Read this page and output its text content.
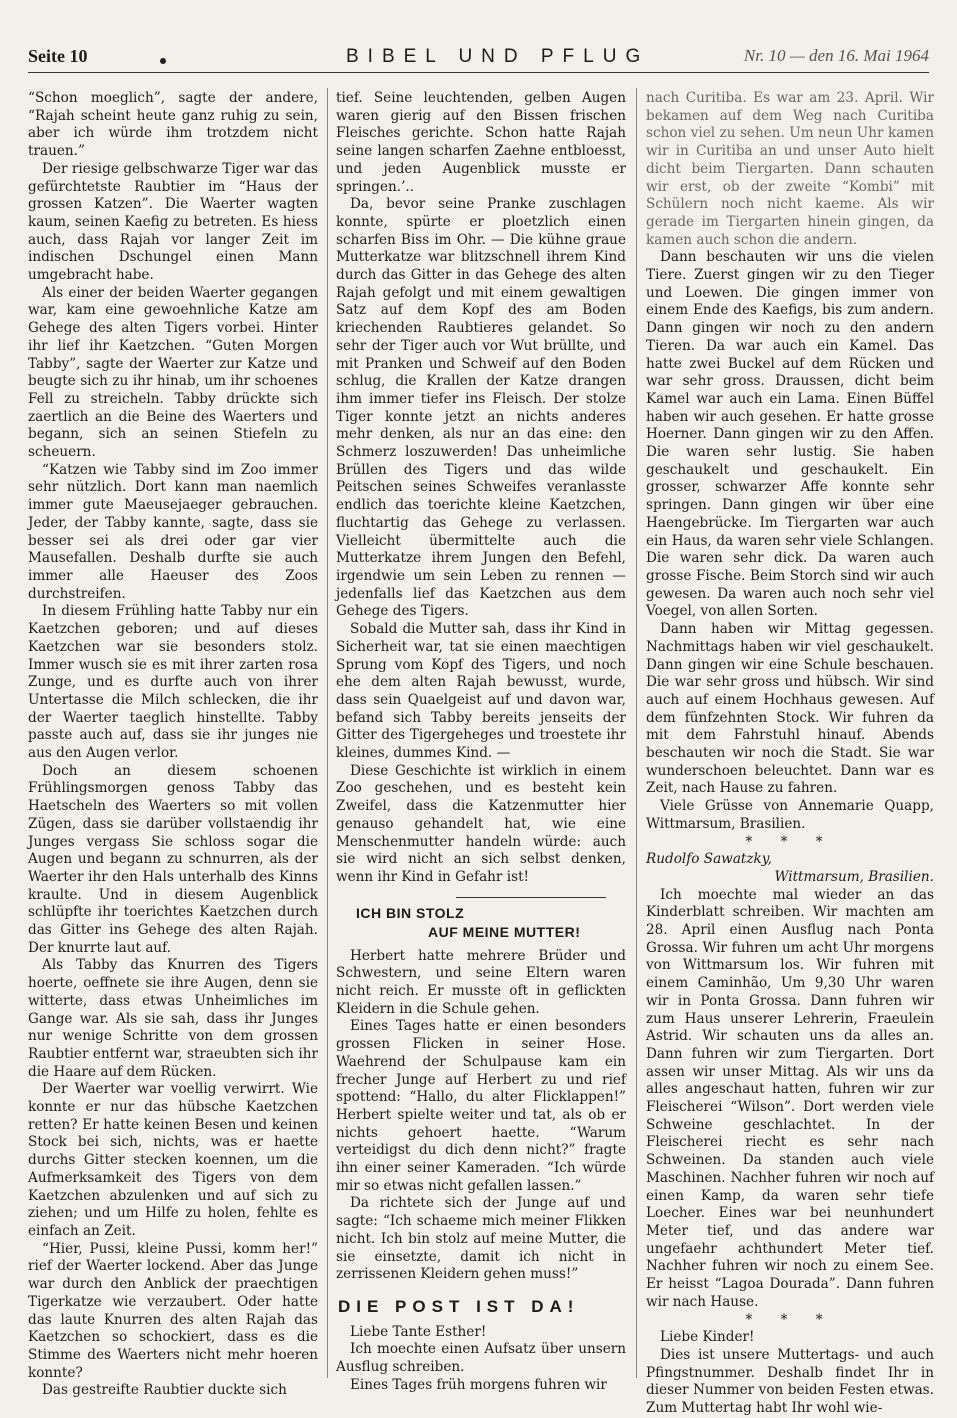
Seite 10	BIBEL UND PFLUG	Nr. 10 — den 16. Mai 1964

“Schon moeglich”, sagte der andere, “Rajah scheint heute ganz ruhig zu sein, aber ich würde ihm trotzdem nicht trauen.”

Der riesige gelbschwarze Tiger war das gefürchtetste Raubtier im “Haus der grossen Katzen”. Die Waerter wagten kaum, seinen Kaefig zu betreten. Es hiess auch, dass Rajah vor langer Zeit im indischen Dschungel einen Mann umgebracht habe.

Als einer der beiden Waerter gegangen war, kam eine gewoehnliche Katze am Gehege des alten Tigers vorbei. Hinter ihr lief ihr Kaetzchen. “Guten Morgen Tabby”, sagte der Waerter zur Katze und beugte sich zu ihr hinab, um ihr schoenes Fell zu streicheln. Tabby drückte sich zaertlich an die Beine des Waerters und begann, sich an seinen Stiefeln zu scheuern.

“Katzen wie Tabby sind im Zoo immer sehr nützlich. Dort kann man naemlich immer gute Maeusejaeger gebrauchen. Jeder, der Tabby kannte, sagte, dass sie besser sei als drei oder gar vier Mausefallen. Deshalb durfte sie auch immer alle Haeuser des Zoos durchstreifen.

In diesem Frühling hatte Tabby nur ein Kaetzchen geboren; und auf dieses Kaetzchen war sie besonders stolz. Immer wusch sie es mit ihrer zarten rosa Zunge, und es durfte auch von ihrer Untertasse die Milch schlecken, die ihr der Waerter taeglich hinstellte. Tabby passte auch auf, dass sie ihr junges nie aus den Augen verlor.

Doch an diesem schoenen Frühlingsmorgen genoss Tabby das Haetscheln des Waerters so mit vollen Zügen, dass sie darüber vollstaendig ihr Junges vergass Sie schloss sogar die Augen und begann zu schnurren, als der Waerter ihr den Hals unterhalb des Kinns kraulte. Und in diesem Augenblick schlüpfte ihr toerichtes Kaetzchen durch das Gitter ins Gehege des alten Rajah. Der knurrte laut auf.

Als Tabby das Knurren des Tigers hoerte, oeffnete sie ihre Augen, denn sie witterte, dass etwas Unheimliches im Gange war. Als sie sah, dass ihr Junges nur wenige Schritte von dem grossen Raubtier entfernt war, straeubten sich ihr die Haare auf dem Rücken.

Der Waerter war voellig verwirrt. Wie konnte er nur das hübsche Kaetzchen retten? Er hatte keinen Besen und keinen Stock bei sich, nichts, was er haette durchs Gitter stecken koennen, um die Aufmerksamkeit des Tigers von dem Kaetzchen abzulenken und auf sich zu ziehen; und um Hilfe zu holen, fehlte es einfach an Zeit.

“Hier, Pussi, kleine Pussi, komm her!” rief der Waerter lockend. Aber das Junge war durch den Anblick der praechtigen Tigerkatze wie verzaubert. Oder hatte das laute Knurren des alten Rajah das Kaetzchen so schockiert, dass es die Stimme des Waerters nicht mehr hoeren konnte?

Das gestreifte Raubtier duckte sich

tief. Seine leuchtenden, gelben Augen waren gierig auf den Bissen frischen Fleisches gerichte. Schon hatte Rajah seine langen scharfen Zaehne entbloesst, und jeden Augenblick musste er springen.’..

Da, bevor seine Pranke zuschlagen konnte, spürte er ploetzlich einen scharfen Biss im Ohr. — Die kühne graue Mutterkatze war blitzschnell ihrem Kind durch das Gitter in das Gehege des alten Rajah gefolgt und mit einem gewaltigen Satz auf dem Kopf des am Boden kriechenden Raubtieres gelandet. So sehr der Tiger auch vor Wut brüllte, und mit Pranken und Schweif auf den Boden schlug, die Krallen der Katze drangen ihm immer tiefer ins Fleisch. Der stolze Tiger konnte jetzt an nichts anderes mehr denken, als nur an das eine: den Schmerz loszuwerden! Das unheimliche Brüllen des Tigers und das wilde Peitschen seines Schweifes veranlasste endlich das toerichte kleine Kaetzchen, fluchtartig das Gehege zu verlassen. Vielleicht übermittelte auch die Mutterkatze ihrem Jungen den Befehl, irgendwie um sein Leben zu rennen — jedenfalls lief das Kaetzchen aus dem Gehege des Tigers.

Sobald die Mutter sah, dass ihr Kind in Sicherheit war, tat sie einen maechtigen Sprung vom Kopf des Tigers, und noch ehe dem alten Rajah bewusst, wurde, dass sein Quaelgeist auf und davon war, befand sich Tabby bereits jenseits der Gitter des Tigergeheges und troestete ihr kleines, dummes Kind. —

Diese Geschichte ist wirklich in einem Zoo geschehen, und es besteht kein Zweifel, dass die Katzenmutter hier genauso gehandelt hat, wie eine Menschenmutter handeln würde: auch sie wird nicht an sich selbst denken, wenn ihr Kind in Gefahr ist!

ICH BIN STOLZ
AUF MEINE MUTTER!

Herbert hatte mehrere Brüder und Schwestern, und seine Eltern waren nicht reich. Er musste oft in geflickten Kleidern in die Schule gehen.

Eines Tages hatte er einen besonders grossen Flicken in seiner Hose. Waehrend der Schulpause kam ein frecher Junge auf Herbert zu und rief spottend: “Hallo, du alter Flicklappen!” Herbert spielte weiter und tat, als ob er nichts gehoert haette. “Warum verteidigst du dich denn nicht?” fragte ihn einer seiner Kameraden. “Ich würde mir so etwas nicht gefallen lassen.”

Da richtete sich der Junge auf und sagte: “Ich schaeme mich meiner Flikken nicht. Ich bin stolz auf meine Mutter, die sie einsetzte, damit ich nicht in zerrissenen Kleidern gehen muss!”

DIE POST IST DA!

Liebe Tante Esther!

Ich moechte einen Aufsatz über unsern Ausflug schreiben.

Eines Tages früh morgens fuhren wir

nach Curitiba. Es war am 23. April. Wir bekamen auf dem Weg nach Curitiba schon viel zu sehen. Um neun Uhr kamen wir in Curitiba an und unser Auto hielt dicht beim Tiergarten. Dann schauten wir erst, ob der zweite “Kombi” mit Schülern noch nicht kaeme. Als wir gerade im Tiergarten hinein gingen, da kamen auch schon die andern.

Dann beschauten wir uns die vielen Tiere. Zuerst gingen wir zu den Tieger und Loewen. Die gingen immer von einem Ende des Kaefigs, bis zum andern. Dann gingen wir noch zu den andern Tieren. Da war auch ein Kamel. Das hatte zwei Buckel auf dem Rücken und war sehr gross. Draussen, dicht beim Kamel war auch ein Lama. Einen Büffel haben wir auch gesehen. Er hatte grosse Hoerner. Dann gingen wir zu den Affen. Die waren sehr lustig. Sie haben geschaukelt und geschaukelt. Ein grosser, schwarzer Affe konnte sehr springen. Dann gingen wir über eine Haengebrücke. Im Tiergarten war auch ein Haus, da waren sehr viele Schlangen. Die waren sehr dick. Da waren auch grosse Fische. Beim Storch sind wir auch gewesen. Da waren auch noch sehr viel Voegel, von allen Sorten.

Dann haben wir Mittag gegessen. Nachmittags haben wir viel geschaukelt. Dann gingen wir eine Schule beschauen. Die war sehr gross und hübsch. Wir sind auch auf einem Hochhaus gewesen. Auf dem fünfzehnten Stock. Wir fuhren da mit dem Fahrstuhl hinauf. Abends beschauten wir noch die Stadt. Sie war wunderschoen beleuchtet. Dann war es Zeit, nach Hause zu fahren.

Viele Grüsse von Annemarie Quapp, Wittmarsum, Brasilien.

* * *

Rudolfo Sawatzky,

Wittmarsum, Brasilien.

Ich moechte mal wieder an das Kinderblatt schreiben. Wir machten am 28. April einen Ausflug nach Ponta Grossa. Wir fuhren um acht Uhr morgens von Wittmarsum los. Wir fuhren mit einem Caminhão, Um 9,30 Uhr waren wir in Ponta Grossa. Dann fuhren wir zum Haus unserer Lehrerin, Fraeulein Astrid. Wir schauten uns da alles an. Dann fuhren wir zum Tiergarten. Dort assen wir unser Mittag. Als wir uns da alles angeschaut hatten, fuhren wir zur Fleischerei “Wilson”. Dort werden viele Schweine geschlachtet. In der Fleischerei riecht es sehr nach Schweinen. Da standen auch viele Maschinen. Nachher fuhren wir noch auf einen Kamp, da waren sehr tiefe Loecher. Eines war bei neunhundert Meter tief, und das andere war ungefaehr achthundert Meter tief. Nachher fuhren wir noch zu einem See. Er heisst “Lagoa Dourada”. Dann fuhren wir nach Hause.

* * *

Liebe Kinder!

Dies ist unsere Muttertags- und auch Pfingstnummer. Deshalb findet Ihr in dieser Nummer von beiden Festen etwas. Zum Muttertag habt Ihr wohl wie-
